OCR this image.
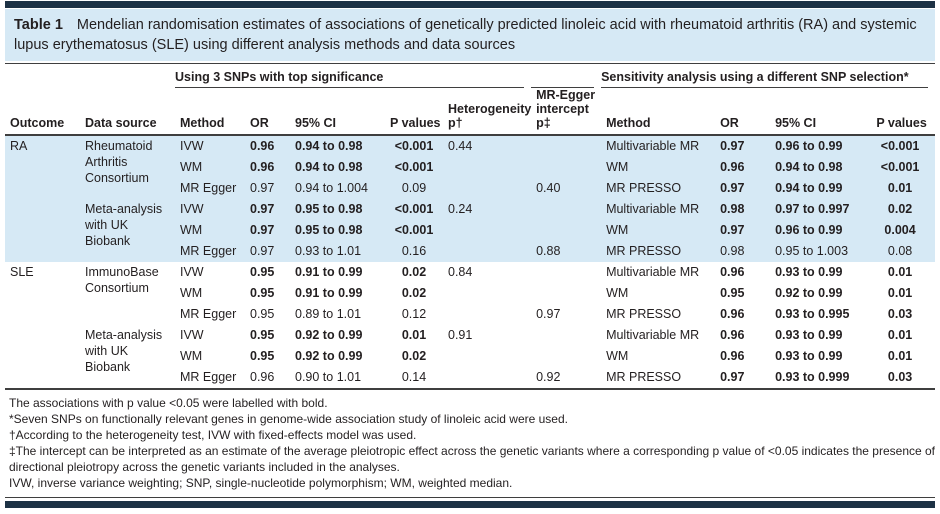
Table 1 Mendelian randomisation estimates of associations of genetically predicted linoleic acid with rheumatoid arthritis (RA) and systemic lupus erythematosus (SLE) using different analysis methods and data sources

		Using 3 SNPs with top significance						Sensitivity analysis using a different SNP selection*			

Outcome	Data source	Method	OR	95% CI	P values	Heterogeneity p†	MR-Egger intercept p‡	Method	OR	95% CI	P values
RA	Rheumatoid Arthritis Consortium	IVW	0.96	0.94 to 0.98	<0.001	0.44		Multivariable MR	0.97	0.96 to 0.99	<0.001
		WM	0.96	0.94 to 0.98	<0.001			WM	0.96	0.94 to 0.98	<0.001
		MR Egger	0.97	0.94 to 1.004	0.09		0.40	MR PRESSO	0.97	0.94 to 0.99	0.01
	Meta-analysis with UK Biobank	IVW	0.97	0.95 to 0.98	<0.001	0.24		Multivariable MR	0.98	0.97 to 0.997	0.02
		WM	0.97	0.95 to 0.98	<0.001			WM	0.97	0.96 to 0.99	0.004
		MR Egger	0.97	0.93 to 1.01	0.16		0.88	MR PRESSO	0.98	0.95 to 1.003	0.08
SLE	ImmunoBase Consortium	IVW	0.95	0.91 to 0.99	0.02	0.84		Multivariable MR	0.96	0.93 to 0.99	0.01
		WM	0.95	0.91 to 0.99	0.02			WM	0.95	0.92 to 0.99	0.01
		MR Egger	0.95	0.89 to 1.01	0.12		0.97	MR PRESSO	0.96	0.93 to 0.995	0.03
	Meta-analysis with UK Biobank	IVW	0.95	0.92 to 0.99	0.01	0.91		Multivariable MR	0.96	0.93 to 0.99	0.01
		WM	0.95	0.92 to 0.99	0.02			WM	0.96	0.93 to 0.99	0.01
		MR Egger	0.96	0.90 to 1.01	0.14		0.92	MR PRESSO	0.97	0.93 to 0.999	0.03
The associations with p value <0.05 were labelled with bold.
*Seven SNPs on functionally relevant genes in genome-wide association study of linoleic acid were used.
†According to the heterogeneity test, IVW with fixed-effects model was used.
‡The intercept can be interpreted as an estimate of the average pleiotropic effect across the genetic variants where a corresponding p value of <0.05 indicates the presence of directional pleiotropy across the genetic variants included in the analyses.
IVW, inverse variance weighting; SNP, single-nucleotide polymorphism; WM, weighted median.
